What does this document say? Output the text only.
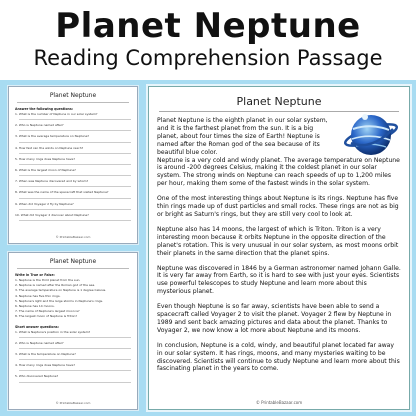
Planet Neptune
Reading Comprehension Passage
Planet Neptune
Answer the following questions:
1. What is the number of Neptune in our solar system?
2. Who is Neptune named after?
3. What is the average temperature on Neptune?
4. How fast can the winds on Neptune reach?
5. How many rings does Neptune have?
6. What is the largest moon of Neptune?
7. When was Neptune discovered and by whom?
8. What was the name of the spacecraft that visited Neptune?
9. When did Voyager 2 fly by Neptune?
10. What did Voyager 2 discover about Neptune?
© PrintableBazaar.com
Planet Neptune
Write in True or False:
1. Neptune is the third planet from the sun.
2. Neptune is named after the Roman god of the sea.
3. The average temperature on Neptune is 1 degree Celsius.
4. Neptune has five thin rings.
5. Neptune's light and the large storms in Neptune's rings.
6. Neptune has 14 moons.
7. The name of Neptune's largest moon is?
8. The largest moon of Neptune is Triton?
Short answer questions:
1. What is Neptune's position in the solar system?
2. Who is Neptune named after?
3. What is the temperature on Neptune?
4. How many rings does Neptune have?
5. Who discovered Neptune?
© PrintableBazaar.com
Planet Neptune

Planet Neptune is the eighth planet in our solar system, and it is the farthest planet from the sun. It is a big planet, about four times the size of Earth! Neptune is named after the Roman god of the sea because of its beautiful blue color.

Neptune is a very cold and windy planet. The average temperature on Neptune is around -200 degrees Celsius, making it the coldest planet in our solar system. The strong winds on Neptune can reach speeds of up to 1,200 miles per hour, making them some of the fastest winds in the solar system.

One of the most interesting things about Neptune is its rings. Neptune has five thin rings made up of dust particles and small rocks. These rings are not as big or bright as Saturn's rings, but they are still very cool to look at.

Neptune also has 14 moons, the largest of which is Triton. Triton is a very interesting moon because it orbits Neptune in the opposite direction of the planet's rotation. This is very unusual in our solar system, as most moons orbit their planets in the same direction that the planet spins.

Neptune was discovered in 1846 by a German astronomer named Johann Galle. It is very far away from Earth, so it is hard to see with just your eyes. Scientists use powerful telescopes to study Neptune and learn more about this mysterious planet.

Even though Neptune is so far away, scientists have been able to send a spacecraft called Voyager 2 to visit the planet. Voyager 2 flew by Neptune in 1989 and sent back amazing pictures and data about the planet. Thanks to Voyager 2, we now know a lot more about Neptune and its moons.

In conclusion, Neptune is a cold, windy, and beautiful planet located far away in our solar system. It has rings, moons, and many mysteries waiting to be discovered. Scientists will continue to study Neptune and learn more about this fascinating planet in the years to come.

© PrintableBazaar.com
